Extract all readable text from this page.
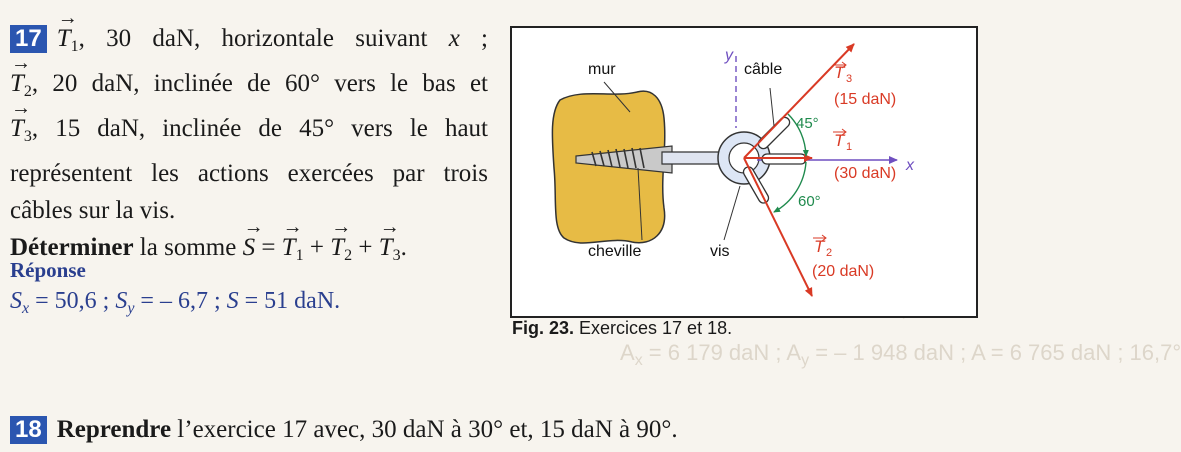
$A_x = 6$ 179 daN ; $A_y$ = – 1 948 daN ; A = 6 765 daN ; 16,7°

$17\to T_1$, 30 daN, horizontale suivant x ;

→ $T_2$, 20 daN, inclinée de 60° vers le bas et

→ $T_3$, 15 daN, inclinée de 45° vers le haut

représentent les actions exercées par trois

câbles sur la vis.

Déterminer la somme → S = → $T_1$ + → $T_2$ + → $T_3$.

Réponse
$S_x = 50,6$ ; $S_y$ = – 6,7 ; S = 51 daN.
mur
y
câble	T 3
(15 daN)
45°
T 1
(30 daN) x
60°
T 2
(20 daN)
cheville	vis
Fig. 23. Exercices 17 et 18.
18 Reprendre l’exercice 17 avec, 30 daN à 30° et, 15 daN à 90°.
